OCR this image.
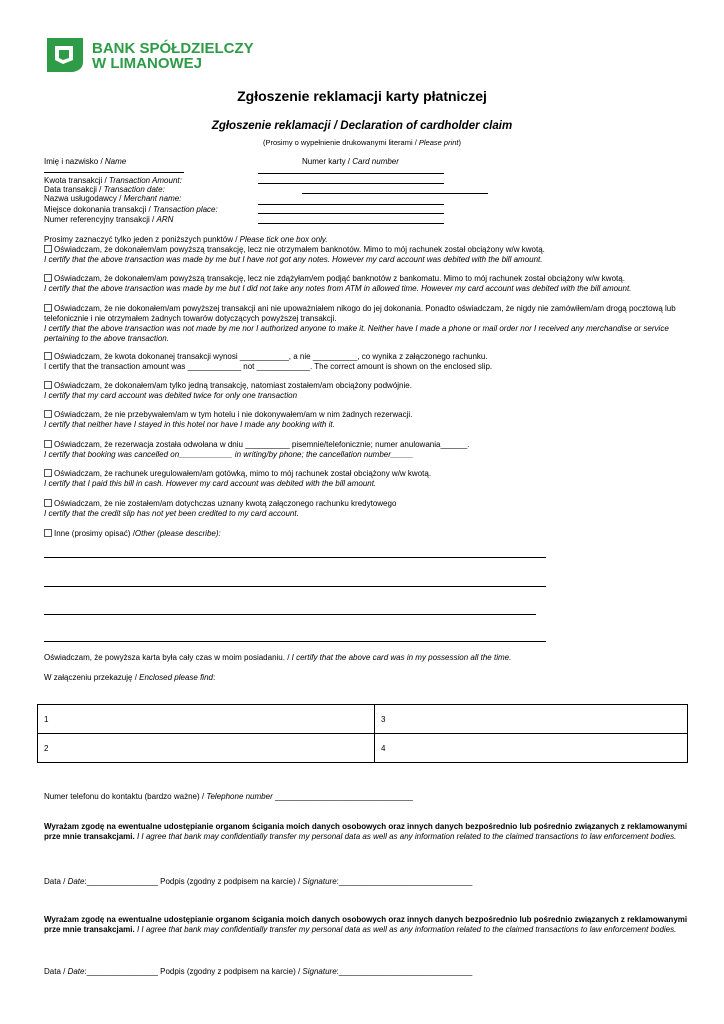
BANK SPÓŁDZIELCZY
W LIMANOWEJ
Zgłoszenie reklamacji karty płatniczej
Zgłoszenie reklamacji / Declaration of cardholder claim
(Prosimy o wypełnienie drukowanymi literami / Please print)
Imię i nazwisko / Name	Numer karty / Card number
Kwota transakcji / Transaction Amount:
Data transakcji / Transaction date:
Nazwa usługodawcy / Merchant name:
Miejsce dokonania transakcji / Transaction place:
Numer referencyjny transakcji / ARN
Prosimy zaznaczyć tylko jeden z poniższych punktów / Please tick one box only.
Oświadczam, że dokonałem/am powyższą transakcję, lecz nie otrzymałem banknotów. Mimo to mój rachunek został obciążony w/w kwotą.
I certify that the above transaction was made by me but I have not got any notes. However my card account was debited with the bill amount.
Oświadczam, że dokonałem/am powyższą transakcję, lecz nie zdążyłam/em podjąć banknotów z bankomatu. Mimo to mój rachunek został obciążony w/w kwotą.
I certify that the above transaction was made by me but I did not take any notes from ATM in allowed time. However my card account was debited with the bill amount.
Oświadczam, że nie dokonałem/am powyższej transakcji ani nie upoważniałem nikogo do jej dokonania. Ponadto oświadczam, że nigdy nie zamówiłem/am drogą pocztową lub telefonicznie i nie otrzymałem żadnych towarów dotyczących powyższej transakcji.
I certify that the above transaction was not made by me nor I authorized anyone to make it. Neither have I made a phone or mail order nor I received any merchandise or service pertaining to the above transaction.
Oświadczam, że kwota dokonanej transakcji wynosi ___________, a nie __________, co wynika z załączonego rachunku.
I certify that the transaction amount was ____________ not ____________. The correct amount is shown on the enclosed slip.
Oświadczam, że dokonałem/am tylko jedną transakcję, natomiast zostałem/am obciążony podwójnie.
I certify that my card account was debited twice for only one transaction
Oświadczam, że nie przebywałem/am w tym hotelu i nie dokonywałem/am w nim żadnych rezerwacji.
I certify that neither have I stayed in this hotel nor have I made any booking with it.
Oświadczam, że rezerwacja została odwołana w dniu __________ pisemnie/telefonicznie; numer anulowania______.
I certify that booking was cancelled on____________ in writing/by phone; the cancellation number_____
Oświadczam, że rachunek uregulowałem/am gotówką, mimo to mój rachunek został obciążony w/w kwotą.
I certify that I paid this bill in cash. However my card account was debited with the bill amount.
Oświadczam, że nie zostałem/am dotychczas uznany kwotą załączonego rachunku kredytowego
I certify that the credit slip has not yet been credited to my card account.
Inne (prosimy opisać) /Other (please describe):
Oświadczam, że powyższa karta była cały czas w moim posiadaniu. / I certify that the above card was in my possession all the time.
W załączeniu przekazuję / Enclosed please find:
1	3
2	4
Numer telefonu do kontaktu (bardzo ważne) / Telephone number _______________________________
Wyrażam zgodę na ewentualne udostępianie organom ścigania moich danych osobowych oraz innych danych bezpośrednio lub pośrednio związanych z reklamowanymi prze mnie transakcjami. I I agree that bank may confidentially transfer my personal data as well as any information related to the claimed transactions to law enforcement bodies.
Data / Date:________________ Podpis (zgodny z podpisem na karcie) / Signature:______________________________
Wyrażam zgodę na ewentualne udostępianie organom ścigania moich danych osobowych oraz innych danych bezpośrednio lub pośrednio związanych z reklamowanymi prze mnie transakcjami. I I agree that bank may confidentially transfer my personal data as well as any information related to the claimed transactions to law enforcement bodies.
Data / Date:________________ Podpis (zgodny z podpisem na karcie) / Signature:______________________________
